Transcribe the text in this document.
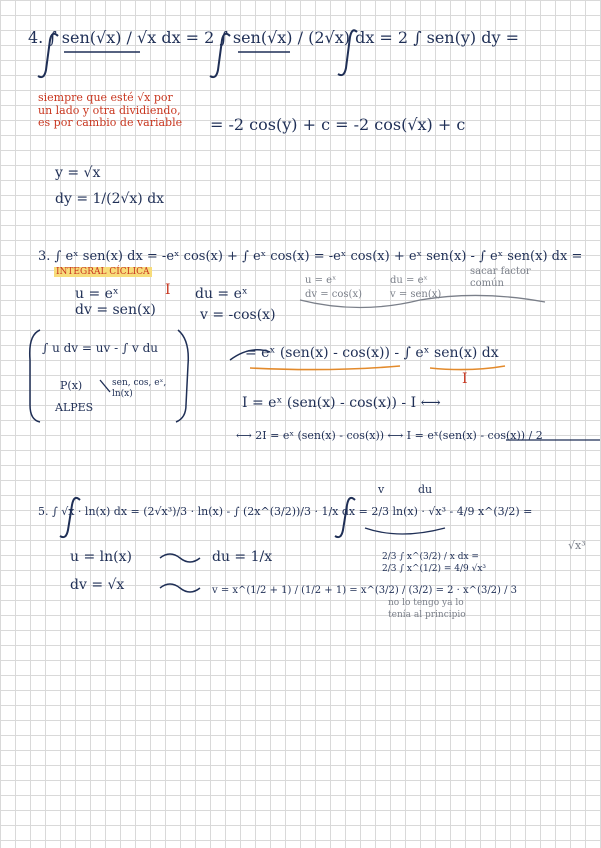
4. ∫ sen(√x) / √x dx = 2 ∫ sen(√x) / (2√x) dx = 2 ∫ sen(y) dy =
siempre que esté √x por un lado y otra dividiendo, es por cambio de variable	= -2 cos(y) + c = -2 cos(√x) + c
y = √x
dy = 1/(2√x) dx
3. ∫ eˣ sen(x) dx = -eˣ cos(x) + ∫ eˣ cos(x) = -eˣ cos(x) + eˣ sen(x) - ∫ eˣ sen(x) dx =
INTEGRAL CÍCLICA
u = eˣ	I du = eˣ
dv = sen(x)	v = -cos(x)
u = eˣ
dv = cos(x)
du = eˣ
v = sen(x)
sacar factor común
= eˣ (sen(x) - cos(x)) - ∫ eˣ sen(x) dx
I
I = eˣ (sen(x) - cos(x)) - I ⟷
⟷ 2I = eˣ (sen(x) - cos(x)) ⟷ I = eˣ(sen(x) - cos(x)) / 2
∫ u dv = uv - ∫ v du
P(x)	sen, cos, eˣ, ln(x)
ALPES
v	du
5. ∫ √x · ln(x) dx = (2√x³)/3 · ln(x) - ∫ (2x^(3/2))/3 · 1/x dx = 2/3 ln(x) · √x³ - 4/9 x^(3/2) =
u = ln(x)	du = 1/x
dv = √x	v = x^(1/2 + 1) / (1/2 + 1) = x^(3/2) / (3/2) = 2 · x^(3/2) / 3
2/3 ∫ x^(3/2) / x dx = 2/3 ∫ x^(1/2) = 4/9 √x³
no lo tengo ya lo tenía al principio
√x³
